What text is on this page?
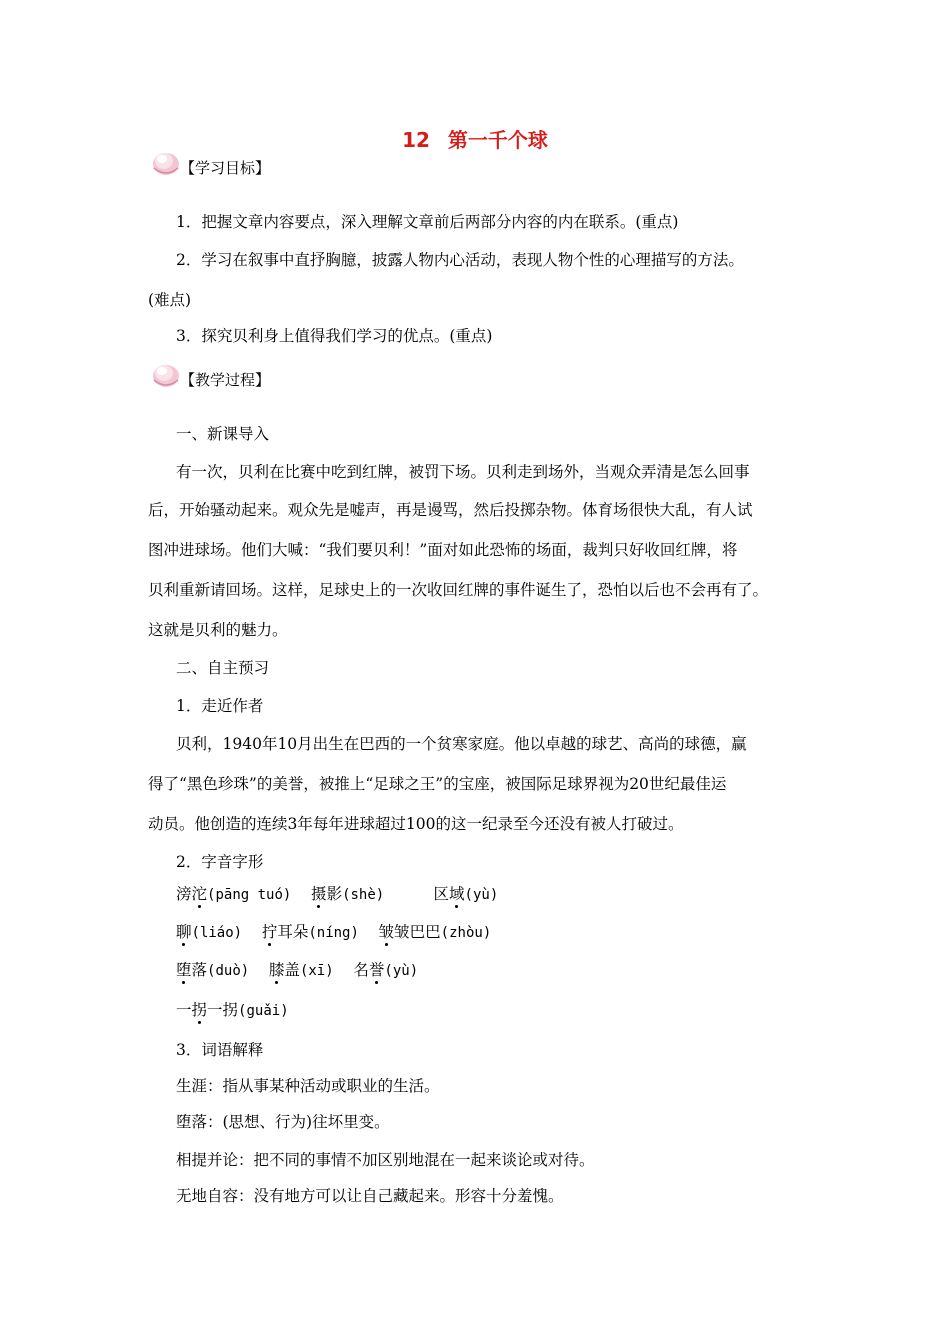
12 第一千个球
【学习目标】
1．把握文章内容要点，深入理解文章前后两部分内容的内在联系。(重点)
2．学习在叙事中直抒胸臆，披露人物内心活动，表现人物个性的心理描写的方法。
(难点)
3．探究贝利身上值得我们学习的优点。(重点)
【教学过程】
一、新课导入
有一次，贝利在比赛中吃到红牌，被罚下场。贝利走到场外，当观众弄清是怎么回事
后，开始骚动起来。观众先是嘘声，再是谩骂，然后投掷杂物。体育场很快大乱，有人试
图冲进球场。他们大喊：“我们要贝利！”面对如此恐怖的场面，裁判只好收回红牌，将
贝利重新请回场。这样，足球史上的一次收回红牌的事件诞生了，恐怕以后也不会再有了。
这就是贝利的魅力。
二、自主预习
1．走近作者
贝利，1940年10月出生在巴西的一个贫寒家庭。他以卓越的球艺、高尚的球德，赢
得了“黑色珍珠”的美誉，被推上“足球之王”的宝座，被国际足球界视为20世纪最佳运
动员。他创造的连续3年每年进球超过100的这一纪录至今还没有被人打破过。
2．字音字形
滂沱(pāng tuó) 摄影(shè)	区域(yù)
聊(liáo) 拧耳朵(níng) 皱皱巴巴(zhòu)
堕落(duò) 膝盖(xī) 名誉(yù)
一拐一拐(guǎi)
3．词语解释
生涯：指从事某种活动或职业的生活。
堕落：(思想、行为)往坏里变。
相提并论：把不同的事情不加区别地混在一起来谈论或对待。
无地自容：没有地方可以让自己藏起来。形容十分羞愧。
